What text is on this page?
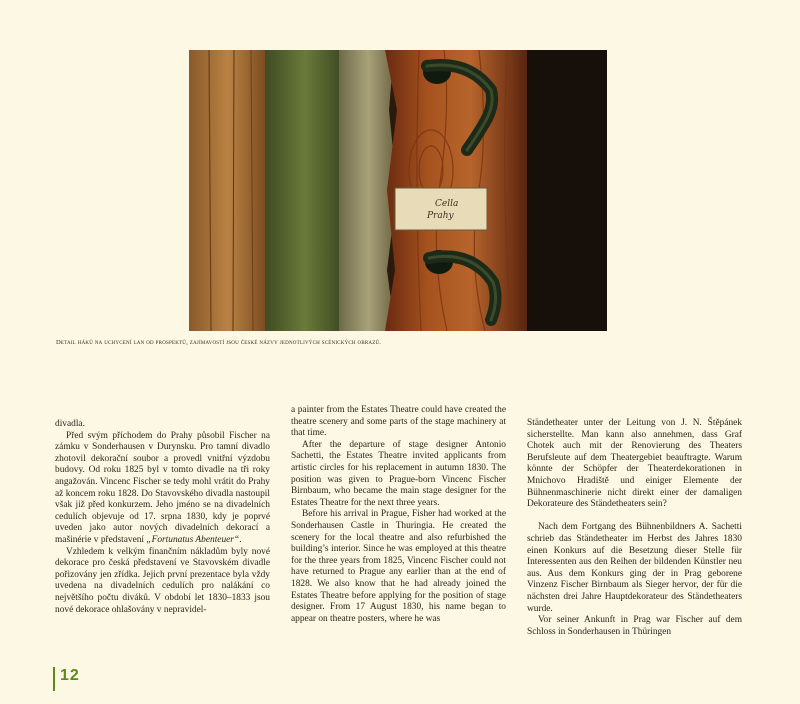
Cella
Prahy
Detail háků na uchycení lan od prospektů, zajímavostí jsou české názvy jednotlivých scénických obrazů.

divadla.

Před svým příchodem do Prahy působil Fischer na zámku v Sonderhausen v Durynsku. Pro tamní divadlo zhotovil dekorační soubor a provedl vnitřní výzdobu budovy. Od roku 1825 byl v tomto divadle na tři roky angažován. Vincenc Fischer se tedy mohl vrátit do Prahy až koncem roku 1828. Do Stavovského divadla nastoupil však již před konkurzem. Jeho jméno se na divadelních cedulích objevuje od 17. srpna 1830, kdy je poprvé uveden jako autor nových divadelních dekorací a mašinérie v představení „Fortunatus Abenteuer“.

Vzhledem k velkým finančním nákladům byly nové dekorace pro česká představení ve Stavovském divadle pořizovány jen zřídka. Jejich první prezentace byla vždy uvedena na divadelních cedulích pro nalákání co největšího počtu diváků. V období let 1830–1833 jsou nové dekorace ohlašovány v nepravidel-

a painter from the Estates Theatre could have created the theatre scenery and some parts of the stage machinery at that time.

After the departure of stage designer Antonio Sachetti, the Estates Theatre invited applicants from artistic circles for his replacement in autumn 1830. The position was given to Prague-born Vincenc Fischer Birnbaum, who became the main stage designer for the Estates Theatre for the next three years.

Before his arrival in Prague, Fisher had worked at the Sonderhausen Castle in Thuringia. He created the scenery for the local theatre and also refurbished the building’s interior. Since he was employed at this theatre for the three years from 1825, Vincenc Fischer could not have returned to Prague any earlier than at the end of 1828. We also know that he had already joined the Estates Theatre before applying for the position of stage designer. From 17 August 1830, his name began to appear on theatre posters, where he was

Ständetheater unter der Leitung von J. N. Štěpánek sicherstellte. Man kann also annehmen, dass Graf Chotek auch mit der Renovierung des Theaters Berufsleute auf dem Theatergebiet beauftragte. Warum könnte der Schöpfer der Theaterdekorationen in Mnichovo Hradiště und einiger Elemente der Bühnenmaschinerie nicht direkt einer der damaligen Dekorateure des Ständetheaters sein?

Nach dem Fortgang des Bühnenbildners A. Sachetti schrieb das Ständetheater im Herbst des Jahres 1830 einen Konkurs auf die Besetzung dieser Stelle für Interessenten aus den Reihen der bildenden Künstler neu aus. Aus dem Konkurs ging der in Prag geborene Vinzenz Fischer Birnbaum als Sieger hervor, der für die nächsten drei Jahre Hauptdekorateur des Ständetheaters wurde.

Vor seiner Ankunft in Prag war Fischer auf dem Schloss in Sonderhausen in Thüringen

12
